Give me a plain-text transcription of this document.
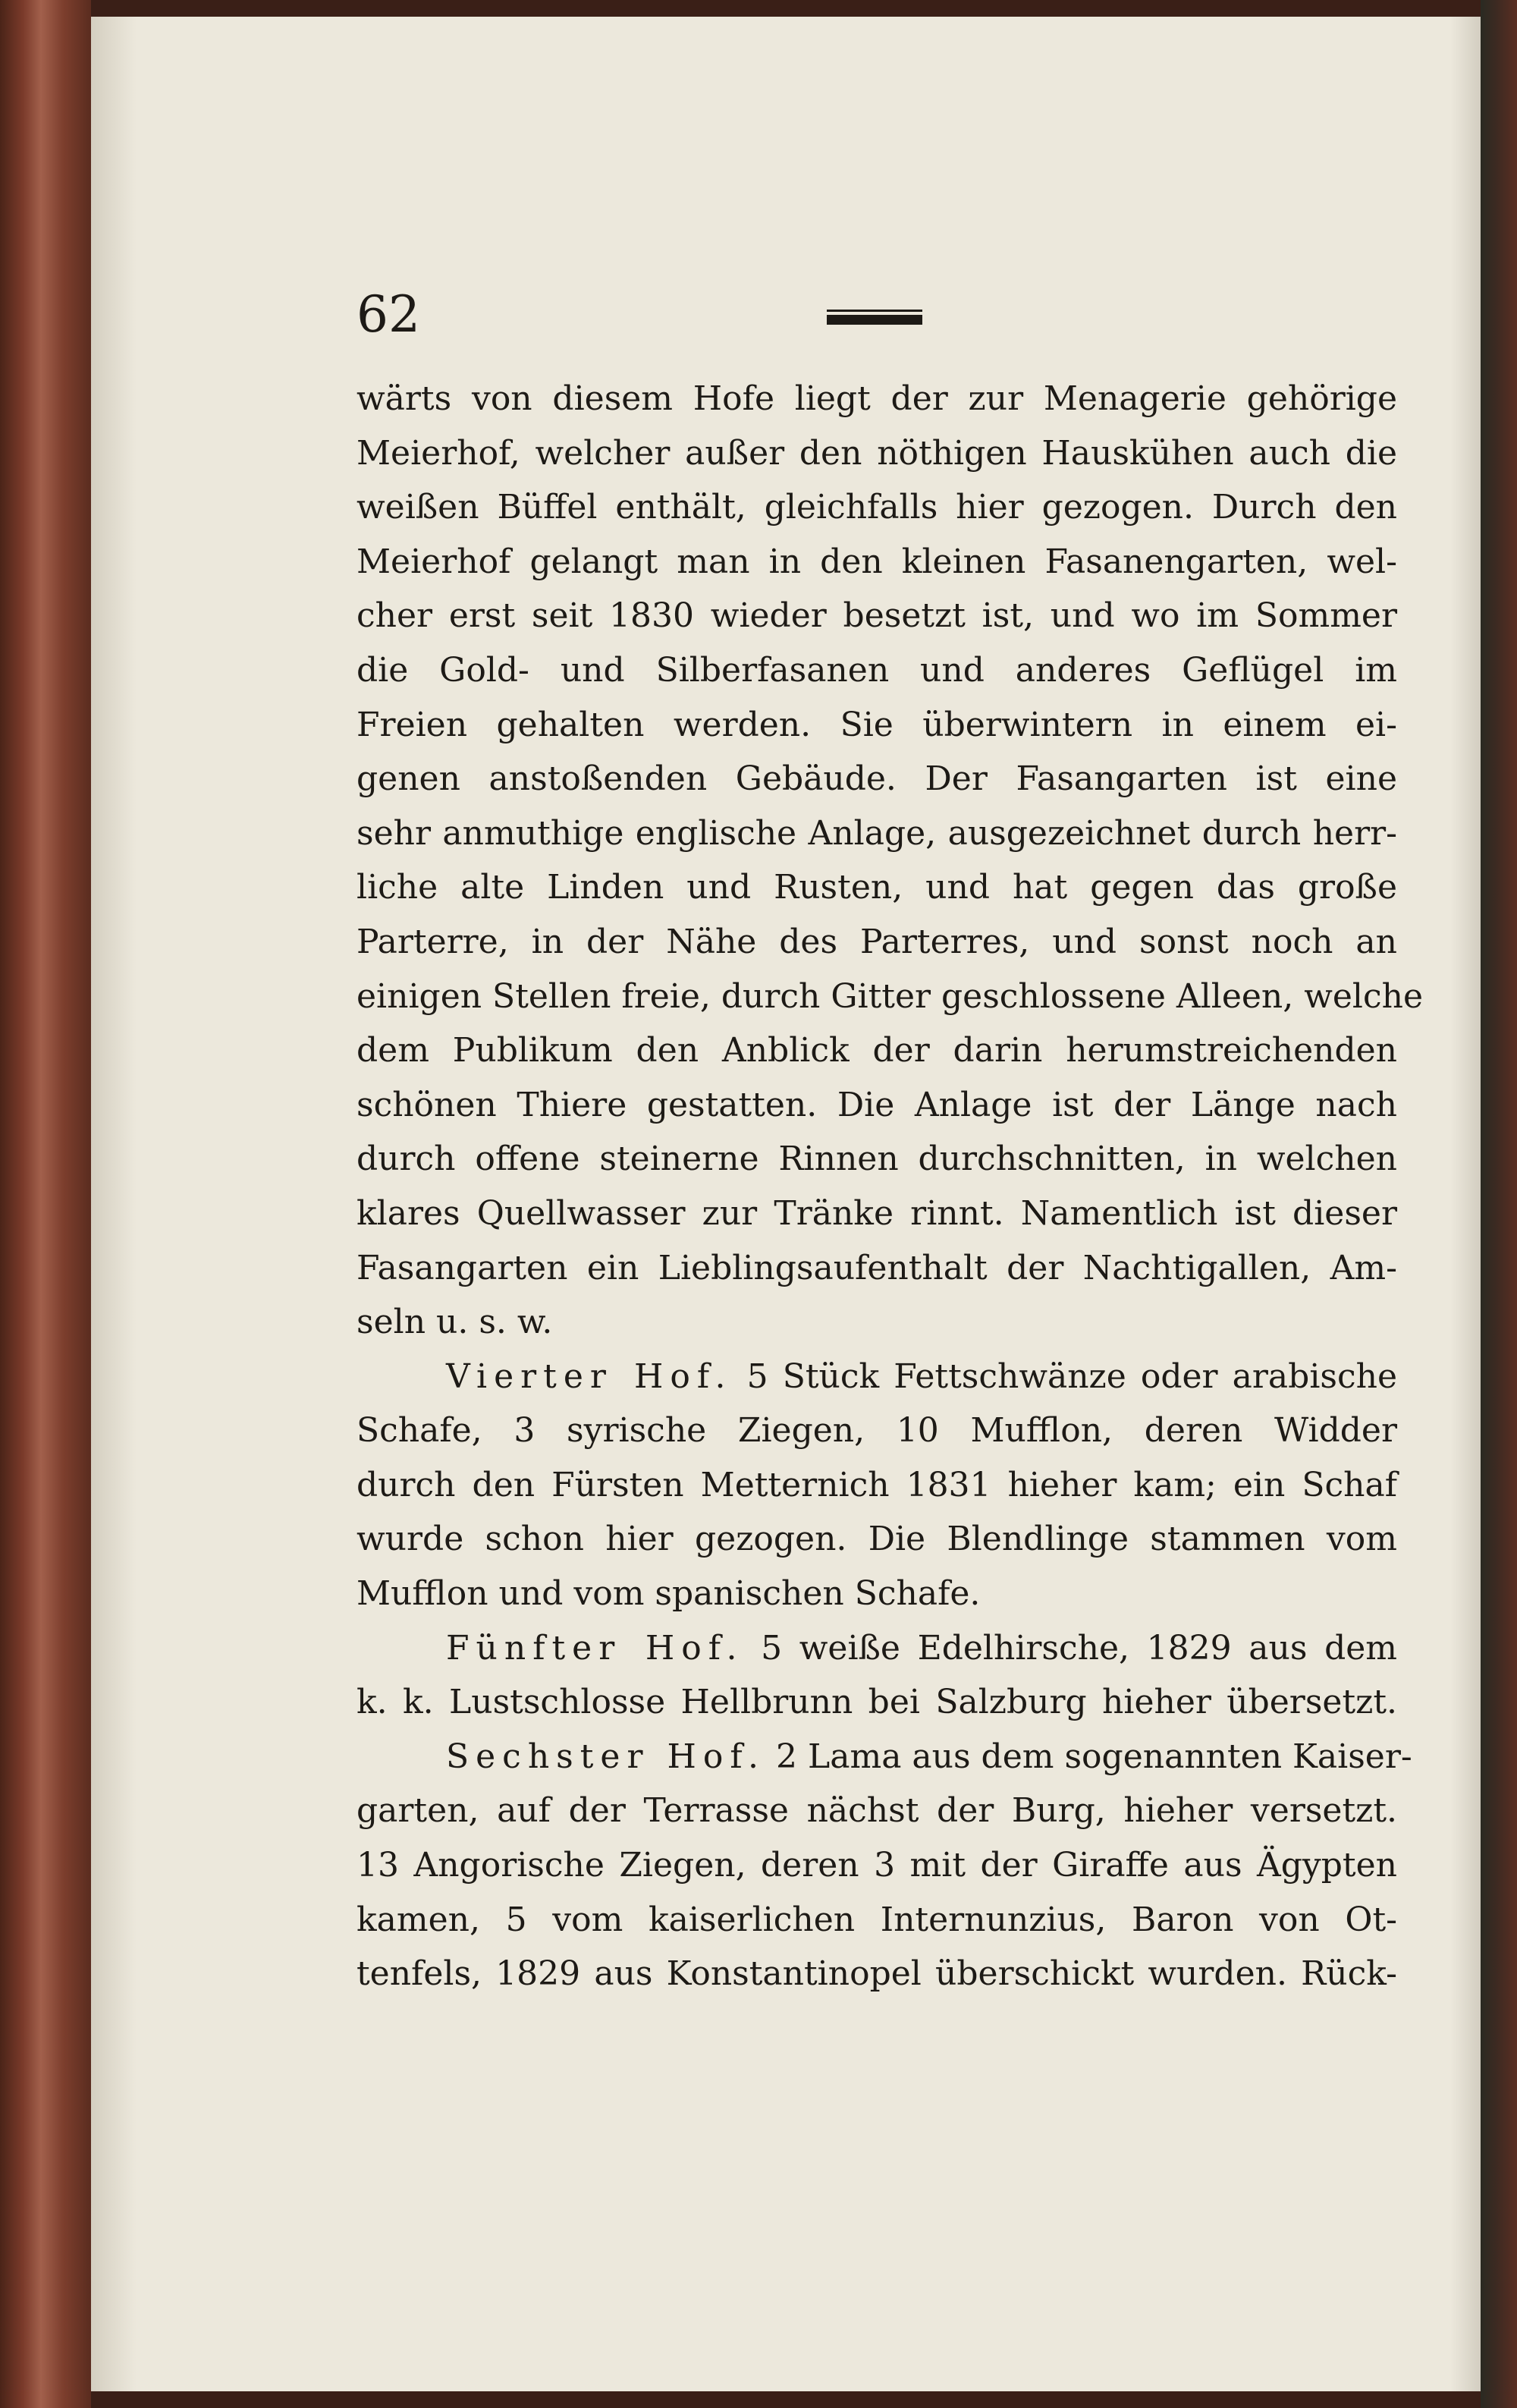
62
wärts von diesem Hofe liegt der zur Menagerie gehörige
Meierhof, welcher außer den nöthigen Hauskühen auch die
weißen Büffel enthält, gleichfalls hier gezogen. Durch den
Meierhof gelangt man in den kleinen Fasanengarten, wel-
cher erst seit 1830 wieder besetzt ist, und wo im Sommer
die Gold- und Silberfasanen und anderes Geflügel im
Freien gehalten werden. Sie überwintern in einem ei-
genen anstoßenden Gebäude. Der Fasangarten ist eine
sehr anmuthige englische Anlage, ausgezeichnet durch herr-
liche alte Linden und Rusten, und hat gegen das große
Parterre, in der Nähe des Parterres, und sonst noch an
einigen Stellen freie, durch Gitter geschlossene Alleen, welche
dem Publikum den Anblick der darin herumstreichenden
schönen Thiere gestatten. Die Anlage ist der Länge nach
durch offene steinerne Rinnen durchschnitten, in welchen
klares Quellwasser zur Tränke rinnt. Namentlich ist dieser
Fasangarten ein Lieblingsaufenthalt der Nachtigallen, Am-
seln u. s. w.
Vierter Hof. 5 Stück Fettschwänze oder arabische
Schafe, 3 syrische Ziegen, 10 Mufflon, deren Widder
durch den Fürsten Metternich 1831 hieher kam; ein Schaf
wurde schon hier gezogen. Die Blendlinge stammen vom
Mufflon und vom spanischen Schafe.
Fünfter Hof. 5 weiße Edelhirsche, 1829 aus dem
k. k. Lustschlosse Hellbrunn bei Salzburg hieher übersetzt.
Sechster Hof. 2 Lama aus dem sogenannten Kaiser-
garten, auf der Terrasse nächst der Burg, hieher versetzt.
13 Angorische Ziegen, deren 3 mit der Giraffe aus Ägypten
kamen, 5 vom kaiserlichen Internunzius, Baron von Ot-
tenfels, 1829 aus Konstantinopel überschickt wurden. Rück-
